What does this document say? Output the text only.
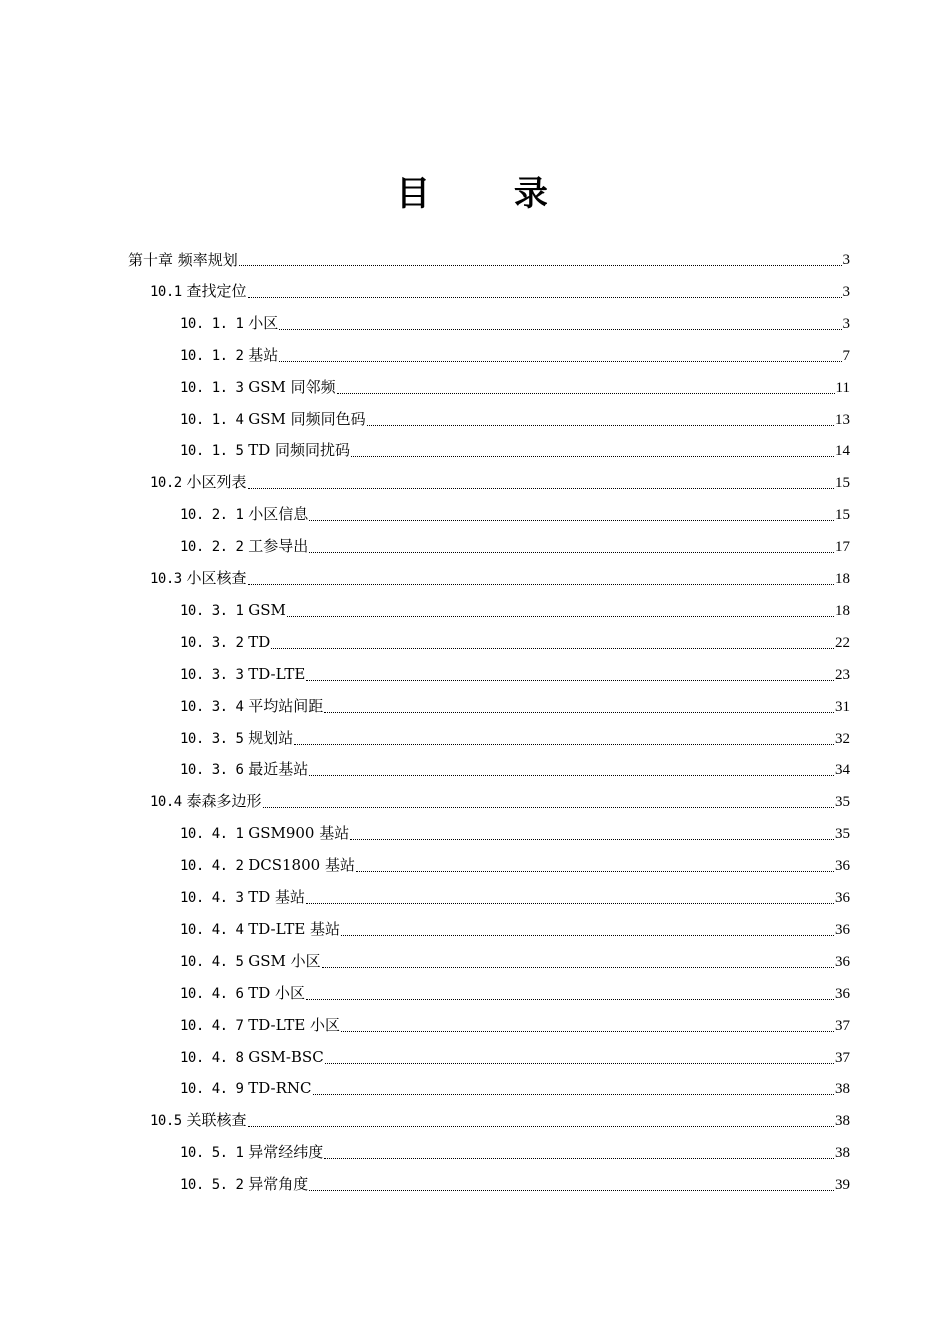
目 录
第十章 频率规划	3
10.1 查找定位	3
10. 1. 1 小区	3
10. 1. 2 基站	7
10. 1. 3 GSM 同邻频	11
10. 1. 4 GSM 同频同色码	13
10. 1. 5 TD 同频同扰码	14
10.2 小区列表	15
10. 2. 1 小区信息	15
10. 2. 2 工参导出	17
10.3 小区核查	18
10. 3. 1 GSM	18
10. 3. 2 TD	22
10. 3. 3 TD-LTE	23
10. 3. 4 平均站间距	31
10. 3. 5 规划站	32
10. 3. 6 最近基站	34
10.4 泰森多边形	35
10. 4. 1 GSM900 基站	35
10. 4. 2 DCS1800 基站	36
10. 4. 3 TD 基站	36
10. 4. 4 TD-LTE 基站	36
10. 4. 5 GSM 小区	36
10. 4. 6 TD 小区	36
10. 4. 7 TD-LTE 小区	37
10. 4. 8 GSM-BSC	37
10. 4. 9 TD-RNC	38
10.5 关联核查	38
10. 5. 1 异常经纬度	38
10. 5. 2 异常角度	39
